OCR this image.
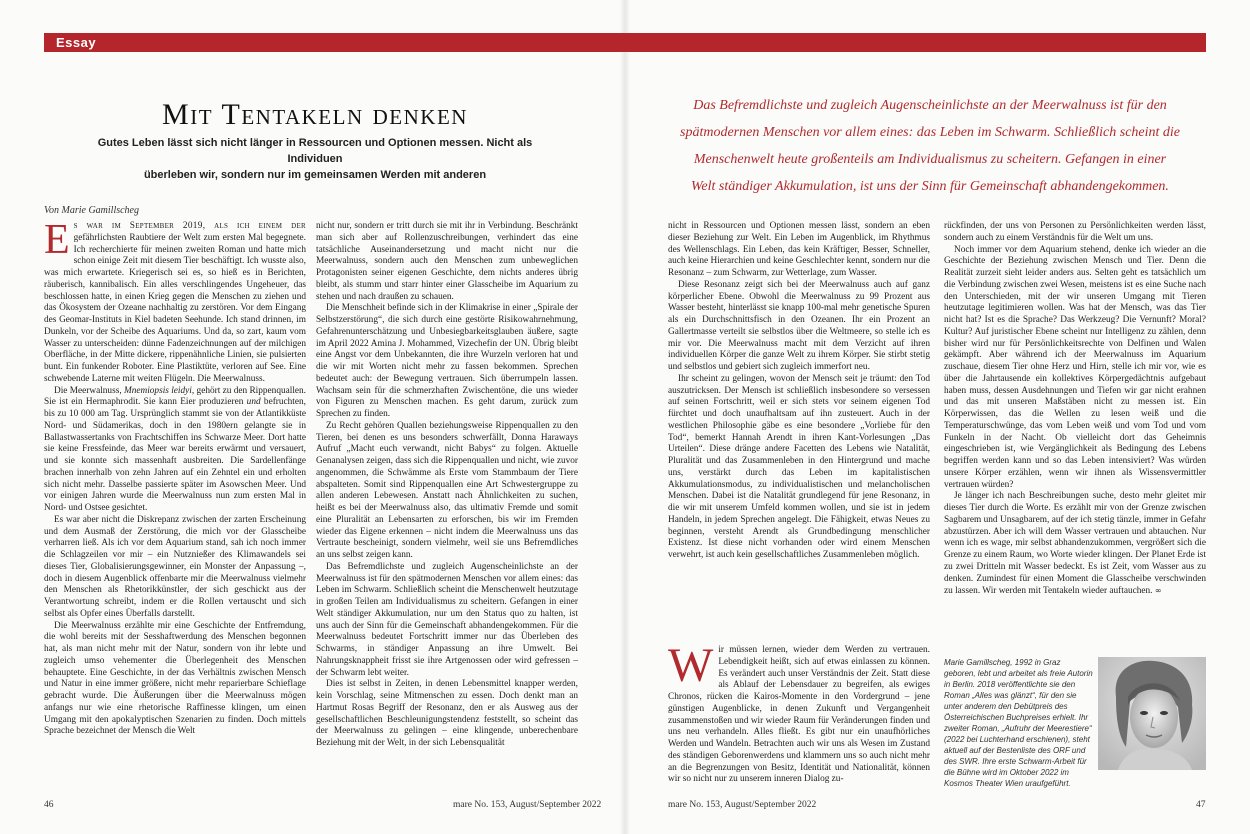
Essay
Mit Tentakeln denken
Gutes Leben lässt sich nicht länger in Ressourcen und Optionen messen. Nicht als Individuen
überleben wir, sondern nur im gemeinsamen Werden mit anderen
Von Marie Gamillscheg
Das Befremdlichste und zugleich Augenscheinlichste an der Meerwalnuss ist für den spätmodernen Menschen vor allem eines: das Leben im Schwarm. Schließlich scheint die Menschenwelt heute großenteils am Individualismus zu scheitern. Gefangen in einer Welt ständiger Akkumulation, ist uns der Sinn für Gemeinschaft abhandengekommen.

Es war im September 2019, als ich einem der gefährlichsten Raubtiere der Welt zum ersten Mal begegnete. Ich recherchierte für meinen zweiten Roman und hatte mich schon einige Zeit mit diesem Tier beschäftigt. Ich wusste also, was mich erwartete. Kriegerisch sei es, so hieß es in Berichten, räuberisch, kannibalisch. Ein alles verschlingendes Ungeheuer, das beschlossen hatte, in einen Krieg gegen die Menschen zu ziehen und das Ökosystem der Ozeane nachhaltig zu zerstören. Vor dem Eingang des Geomar-Instituts in Kiel badeten Seehunde. Ich stand drinnen, im Dunkeln, vor der Scheibe des Aquariums. Und da, so zart, kaum vom Wasser zu unterscheiden: dünne Fadenzeichnungen auf der milchigen Oberfläche, in der Mitte dickere, rippenähnliche Linien, sie pulsierten bunt. Ein funkender Roboter. Eine Plastiktüte, verloren auf See. Eine schwebende Laterne mit weiten Flügeln. Die Meerwalnuss.

Die Meerwalnuss, Mnemiopsis leidyi, gehört zu den Rippenquallen. Sie ist ein Hermaphrodit. Sie kann Eier produzieren und befruchten, bis zu 10 000 am Tag. Ursprünglich stammt sie von der Atlantikküste Nord- und Südamerikas, doch in den 1980ern gelangte sie in Ballastwassertanks von Frachtschiffen ins Schwarze Meer. Dort hatte sie keine Fressfeinde, das Meer war bereits erwärmt und versauert, und sie konnte sich massenhaft ausbreiten. Die Sardellenfänge brachen innerhalb von zehn Jahren auf ein Zehntel ein und erholten sich nicht mehr. Dasselbe passierte später im Asowschen Meer. Und vor einigen Jahren wurde die Meerwalnuss nun zum ersten Mal in Nord- und Ostsee gesichtet.

Es war aber nicht die Diskrepanz zwischen der zarten Erscheinung und dem Ausmaß der Zerstörung, die mich vor der Glasscheibe verharren ließ. Als ich vor dem Aquarium stand, sah ich noch immer die Schlagzeilen vor mir – ein Nutznießer des Klimawandels sei dieses Tier, Globalisierungsgewinner, ein Monster der Anpassung –, doch in diesem Augenblick offenbarte mir die Meerwalnuss vielmehr den Menschen als Rhetorikkünstler, der sich geschickt aus der Verantwortung schreibt, indem er die Rollen vertauscht und sich selbst als Opfer eines Überfalls darstellt.

Die Meerwalnuss erzählte mir eine Geschichte der Entfremdung, die wohl bereits mit der Sesshaftwerdung des Menschen begonnen hat, als man nicht mehr mit der Natur, sondern von ihr lebte und zugleich umso vehementer die Überlegenheit des Menschen behauptete. Eine Geschichte, in der das Verhältnis zwischen Mensch und Natur in eine immer größere, nicht mehr reparierbare Schieflage gebracht wurde. Die Äußerungen über die Meerwalnuss mögen anfangs nur wie eine rhetorische Raffinesse klingen, um einen Umgang mit den apokalyptischen Szenarien zu finden. Doch mittels Sprache bezeichnet der Mensch die Welt

nicht nur, sondern er tritt durch sie mit ihr in Verbindung. Beschränkt man sich aber auf Rollenzuschreibungen, verhindert das eine tatsächliche Auseinandersetzung und macht nicht nur die Meerwalnuss, sondern auch den Menschen zum unbeweglichen Protagonisten seiner eigenen Geschichte, dem nichts anderes übrig bleibt, als stumm und starr hinter einer Glasscheibe im Aquarium zu stehen und nach draußen zu schauen.

Die Menschheit befinde sich in der Klimakrise in einer „Spirale der Selbstzerstörung“, die sich durch eine gestörte Risikowahrnehmung, Gefahrenunterschätzung und Unbesiegbarkeitsglauben äußere, sagte im April 2022 Amina J. Mohammed, Vizechefin der UN. Übrig bleibt eine Angst vor dem Unbekannten, die ihre Wurzeln verloren hat und die wir mit Worten nicht mehr zu fassen bekommen. Sprechen bedeutet auch: der Bewegung vertrauen. Sich überrumpeln lassen. Wachsam sein für die schmerzhaften Zwischentöne, die uns wieder von Figuren zu Menschen machen. Es geht darum, zurück zum Sprechen zu finden.

Zu Recht gehören Quallen beziehungsweise Rippenquallen zu den Tieren, bei denen es uns besonders schwerfällt, Donna Haraways Aufruf „Macht euch verwandt, nicht Babys“ zu folgen. Aktuelle Genanalysen zeigen, dass sich die Rippenquallen und nicht, wie zuvor angenommen, die Schwämme als Erste vom Stammbaum der Tiere abspalteten. Somit sind Rippenquallen eine Art Schwestergruppe zu allen anderen Lebewesen. Anstatt nach Ähnlichkeiten zu suchen, heißt es bei der Meerwalnuss also, das ultimativ Fremde und somit eine Pluralität an Lebensarten zu erforschen, bis wir im Fremden wieder das Eigene erkennen – nicht indem die Meerwalnuss uns das Vertraute bescheinigt, sondern vielmehr, weil sie uns Befremdliches an uns selbst zeigen kann.

Das Befremdlichste und zugleich Augenscheinlichste an der Meerwalnuss ist für den spätmodernen Menschen vor allem eines: das Leben im Schwarm. Schließlich scheint die Menschenwelt heutzutage in großen Teilen am Individualismus zu scheitern. Gefangen in einer Welt ständiger Akkumulation, nur um den Status quo zu halten, ist uns auch der Sinn für die Gemeinschaft abhandengekommen. Für die Meerwalnuss bedeutet Fortschritt immer nur das Überleben des Schwarms, in ständiger Anpassung an ihre Umwelt. Bei Nahrungsknappheit frisst sie ihre Artgenossen oder wird gefressen – der Schwarm lebt weiter.

Dies ist selbst in Zeiten, in denen Lebensmittel knapper werden, kein Vorschlag, seine Mitmenschen zu essen. Doch denkt man an Hartmut Rosas Begriff der Resonanz, den er als Ausweg aus der gesellschaftlichen Beschleunigungstendenz feststellt, so scheint das der Meerwalnuss zu gelingen – eine klingende, unberechenbare Beziehung mit der Welt, in der sich Lebensqualität

nicht in Ressourcen und Optionen messen lässt, sondern an eben dieser Beziehung zur Welt. Ein Leben im Augenblick, im Rhythmus des Wellenschlags. Ein Leben, das kein Kräftiger, Besser, Schneller, auch keine Hierarchien und keine Geschlechter kennt, sondern nur die Resonanz – zum Schwarm, zur Wetterlage, zum Wasser.

Diese Resonanz zeigt sich bei der Meerwalnuss auch auf ganz körperlicher Ebene. Obwohl die Meerwalnuss zu 99 Prozent aus Wasser besteht, hinterlässt sie knapp 100-mal mehr genetische Spuren als ein Durchschnittsfisch in den Ozeanen. Ihr ein Prozent an Gallertmasse verteilt sie selbstlos über die Weltmeere, so stelle ich es mir vor. Die Meerwalnuss macht mit dem Verzicht auf ihren individuellen Körper die ganze Welt zu ihrem Körper. Sie stirbt stetig und selbstlos und gebiert sich zugleich immerfort neu.

Ihr scheint zu gelingen, wovon der Mensch seit je träumt: den Tod auszutricksen. Der Mensch ist schließlich insbesondere so versessen auf seinen Fortschritt, weil er sich stets vor seinem eigenen Tod fürchtet und doch unaufhaltsam auf ihn zusteuert. Auch in der westlichen Philosophie gäbe es eine besondere „Vorliebe für den Tod“, bemerkt Hannah Arendt in ihren Kant-Vorlesungen „Das Urteilen“. Diese dränge andere Facetten des Lebens wie Natalität, Pluralität und das Zusammenleben in den Hintergrund und mache uns, verstärkt durch das Leben im kapitalistischen Akkumulationsmodus, zu individualistischen und melancholischen Menschen. Dabei ist die Natalität grundlegend für jene Resonanz, in die wir mit unserem Umfeld kommen wollen, und sie ist in jedem Handeln, in jedem Sprechen angelegt. Die Fähigkeit, etwas Neues zu beginnen, versteht Arendt als Grundbedingung menschlicher Existenz. Ist diese nicht vorhanden oder wird einem Menschen verwehrt, ist auch kein gesellschaftliches Zusammenleben möglich.

Wir müssen lernen, wieder dem Werden zu vertrauen. Lebendigkeit heißt, sich auf etwas einlassen zu können. Es verändert auch unser Verständnis der Zeit. Statt diese als Ablauf der Lebensdauer zu begreifen, als ewiges Chronos, rücken die Kairos-Momente in den Vordergrund – jene günstigen Augenblicke, in denen Zukunft und Vergangenheit zusammenstoßen und wir wieder Raum für Veränderungen finden und uns neu verhandeln. Alles fließt. Es gibt nur ein unaufhörliches Werden und Wandeln. Betrachten auch wir uns als Wesen im Zustand des ständigen Geborenwerdens und klammern uns so auch nicht mehr an die Begrenzungen von Besitz, Identität und Nationalität, können wir so nicht nur zu unserem inneren Dialog zu-

rückfinden, der uns von Personen zu Persönlichkeiten werden lässt, sondern auch zu einem Verständnis für die Welt um uns.

Noch immer vor dem Aquarium stehend, denke ich wieder an die Geschichte der Beziehung zwischen Mensch und Tier. Denn die Realität zurzeit sieht leider anders aus. Selten geht es tatsächlich um die Verbindung zwischen zwei Wesen, meistens ist es eine Suche nach den Unterschieden, mit der wir unseren Umgang mit Tieren heutzutage legitimieren wollen. Was hat der Mensch, was das Tier nicht hat? Ist es die Sprache? Das Werkzeug? Die Vernunft? Moral? Kultur? Auf juristischer Ebene scheint nur Intelligenz zu zählen, denn bisher wird nur für Persönlichkeitsrechte von Delfinen und Walen gekämpft. Aber während ich der Meerwalnuss im Aquarium zuschaue, diesem Tier ohne Herz und Hirn, stelle ich mir vor, wie es über die Jahrtausende ein kollektives Körpergedächtnis aufgebaut haben muss, dessen Ausdehnungen und Tiefen wir gar nicht erahnen und das mit unseren Maßstäben nicht zu messen ist. Ein Körperwissen, das die Wellen zu lesen weiß und die Temperaturschwünge, das vom Leben weiß und vom Tod und vom Funkeln in der Nacht. Ob vielleicht dort das Geheimnis eingeschrieben ist, wie Vergänglichkeit als Bedingung des Lebens begriffen werden kann und so das Leben intensiviert? Was würden unsere Körper erzählen, wenn wir ihnen als Wissensvermittler vertrauen würden?

Je länger ich nach Beschreibungen suche, desto mehr gleitet mir dieses Tier durch die Worte. Es erzählt mir von der Grenze zwischen Sagbarem und Unsagbarem, auf der ich stetig tänzle, immer in Gefahr abzustürzen. Aber ich will dem Wasser vertrauen und abtauchen. Nur wenn ich es wage, mir selbst abhandenzukommen, vergrößert sich die Grenze zu einem Raum, wo Worte wieder klingen. Der Planet Erde ist zu zwei Dritteln mit Wasser bedeckt. Es ist Zeit, vom Wasser aus zu denken. Zumindest für einen Moment die Glasscheibe verschwinden zu lassen. Wir werden mit Tentakeln wieder auftauchen. ∞

Marie Gamillscheg, 1992 in Graz geboren, lebt und arbeitet als freie Autorin in Berlin. 2018 veröffentlichte sie den Roman „Alles was glänzt“, für den sie unter anderem den Debütpreis des Österreichischen Buchpreises erhielt. Ihr zweiter Roman, „Aufruhr der Meerestiere“ (2022 bei Luchterhand erschienen), steht aktuell auf der Bestenliste des ORF und des SWR. Ihre erste Schwarm-Arbeit für die Bühne wird im Oktober 2022 im Kosmos Theater Wien uraufgeführt.
46	mare No. 153, August/September 2022	mare No. 153, August/September 2022	47
